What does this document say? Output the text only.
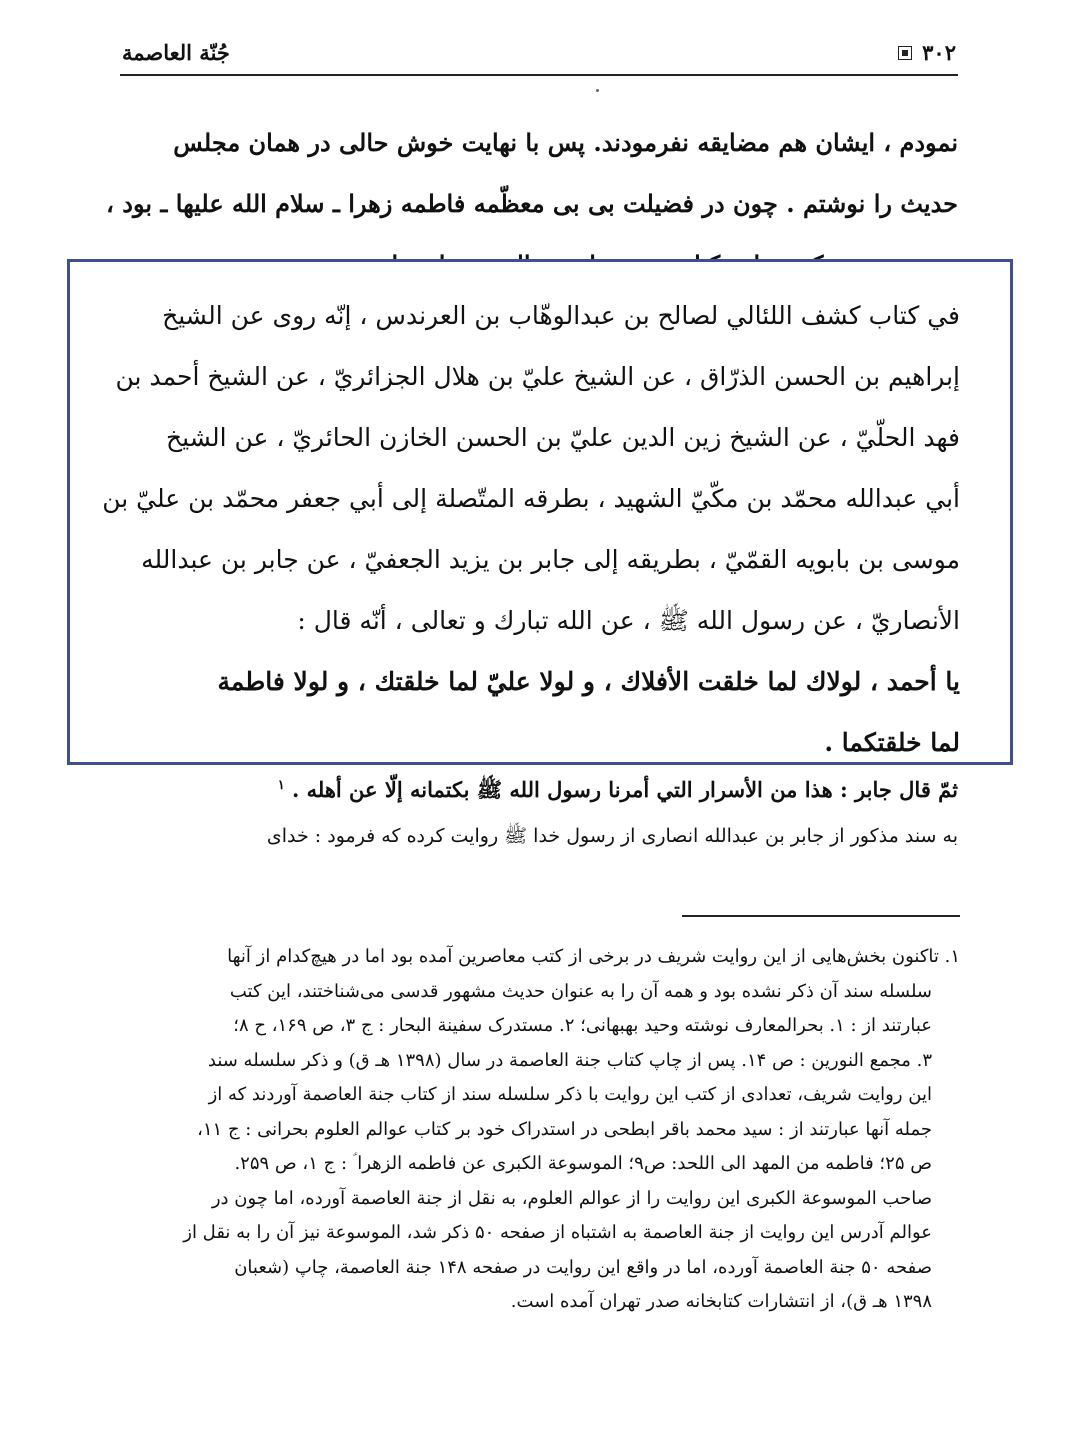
جُنّة العاصمة	۳۰۲
نمودم ، ایشان هم مضایقه نفرمودند. پس با نهایت خوش حالی در همان مجلس
حدیث را نوشتم . چون در فضیلت بی بی معظّمه فاطمه زهرا ـ سلام الله علیها ـ بود ،
في كتاب كشف اللئالي لصالح بن عبدالوهّاب بن العرندس ، إنّه روى عن الشيخ
إبراهيم بن الحسن الذرّاق ، عن الشيخ عليّ بن هلال الجزائريّ ، عن الشيخ أحمد بن
فهد الحلّيّ ، عن الشيخ زين الدين عليّ بن الحسن الخازن الحائريّ ، عن الشيخ
أبي عبدالله محمّد بن مكّيّ الشهيد ، بطرقه المتّصلة إلى أبي جعفر محمّد بن عليّ بن
موسى بن بابويه القمّيّ ، بطريقه إلى جابر بن يزيد الجعفيّ ، عن جابر بن عبدالله
الأنصاريّ ، عن رسول الله ﷺ ، عن الله تبارك و تعالى ، أنّه قال :
يا أحمد ، لولاك لما خلقت الأفلاك ، و لولا عليّ لما خلقتك ، و لولا فاطمة
لما خلقتكما .
ثمّ قال جابر : هذا من الأسرار التي أمرنا رسول الله ﷺ بكتمانه إلّا عن أهله . $^١$
به سند مذکور از جابر بن عبدالله انصاری از رسول خدا ﷺ روایت کرده که فرمود : خدای
١. تاکنون بخش‌هایی از این روایت شریف در برخی از کتب معاصرین آمده بود اما در هیچ‌کدام از آنها
سلسله سند آن ذکر نشده بود و همه آن را به عنوان حدیث مشهور قدسی می‌شناختند، این کتب
عبارتند از : ١. بحرالمعارف نوشته وحید بهبهانی؛ ٢. مستدرک سفینة البحار : ج ٣، ص ١۶٩، ح ٨؛
٣. مجمع النورین : ص ١۴. پس از چاپ کتاب جنة العاصمة در سال (١٣٩٨ هـ ق) و ذکر سلسله سند
این روایت شریف، تعدادی از کتب این روایت با ذکر سلسله سند از کتاب جنة العاصمة آوردند که از
جمله آنها عبارتند از : سید محمد باقر ابطحی در استدراک خود بر کتاب عوالم العلوم بحرانی : ج ١١،
ص ٢۵؛ فاطمه من المهد الی اللحد: ص٩؛ الموسوعة الكبرى عن فاطمه الزهرا ؑ : ج ١، ص ٢۵٩.
صاحب الموسوعة الکبری این روایت را از عوالم العلوم، به نقل از جنة العاصمة آورده، اما چون در
عوالم آدرس این روایت از جنة العاصمة به اشتباه از صفحه ۵٠ ذکر شد، الموسوعة نیز آن را به نقل از
صفحه ۵٠ جنة العاصمة آورده، اما در واقع این روایت در صفحه ١۴٨ جنة العاصمة، چاپ (شعبان
١٣٩٨ هـ ق)، از انتشارات کتابخانه صدر تهران آمده است.
